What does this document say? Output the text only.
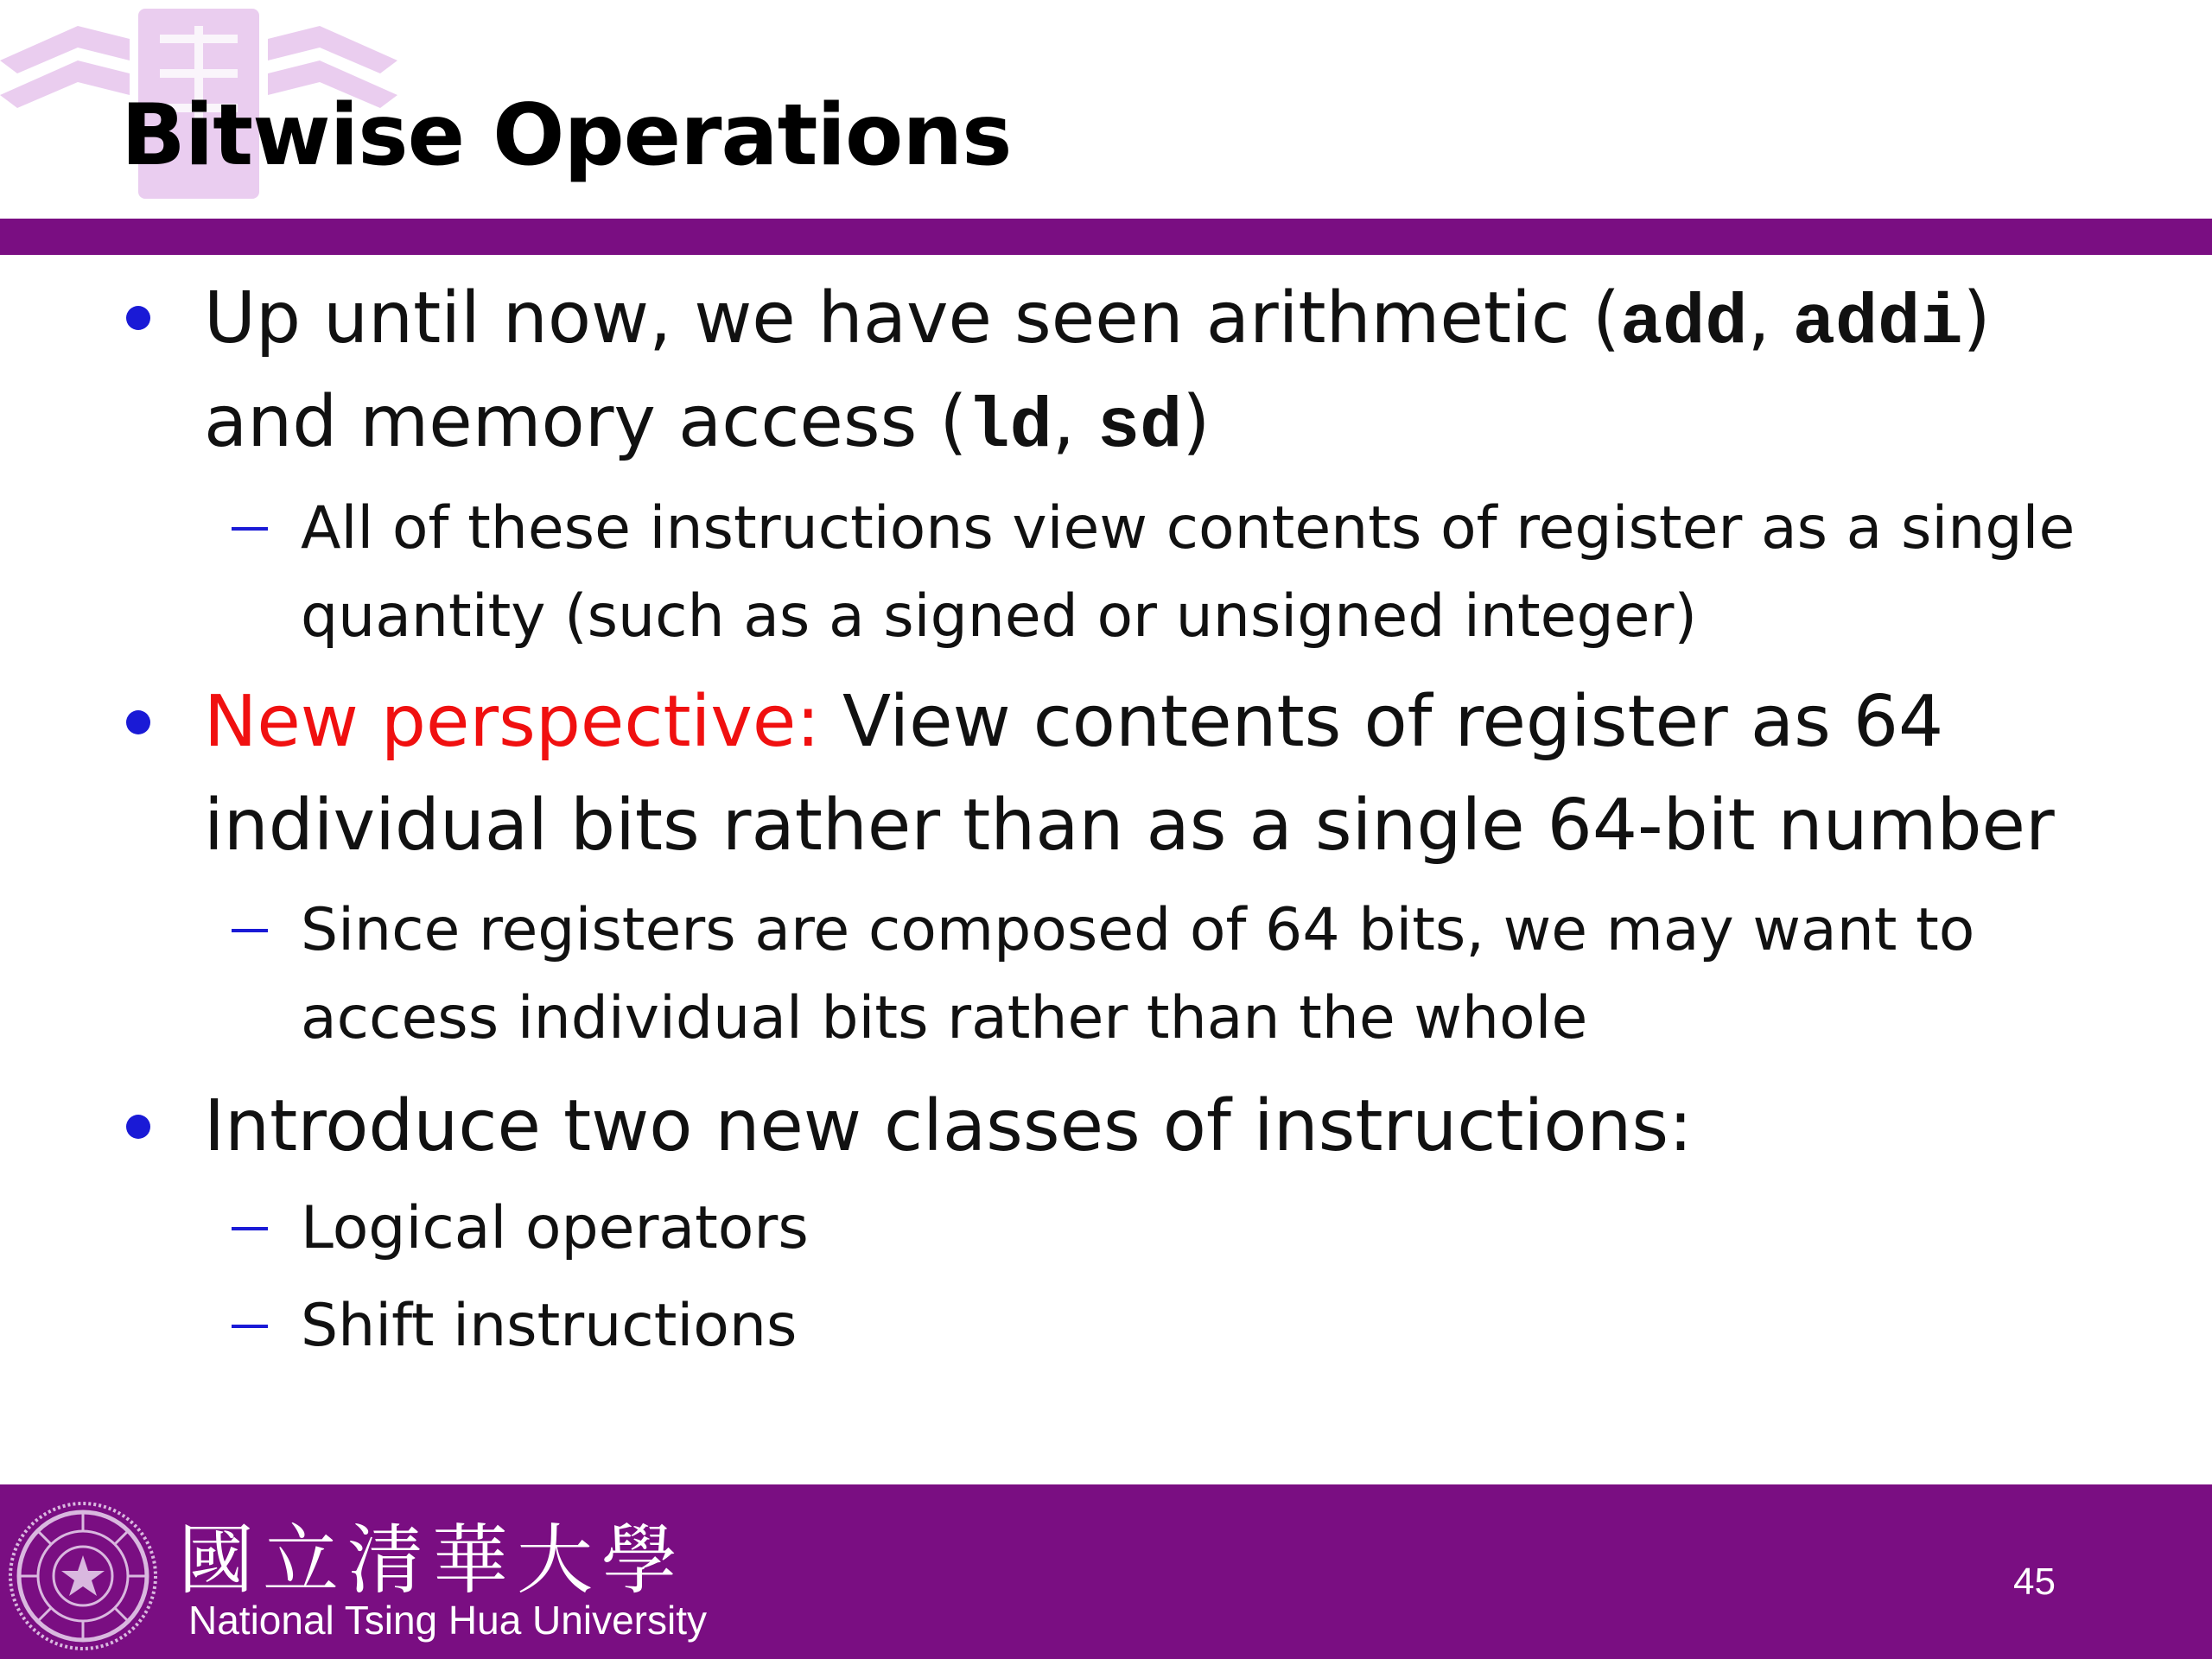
Bitwise Operations
Up until now, we have seen arithmetic (add, addi)
and memory access (ld, sd)
All of these instructions view contents of register as a single
quantity (such as a signed or unsigned integer)
New perspective: View contents of register as 64
individual bits rather than as a single 64-bit number
Since registers are composed of 64 bits, we may want to
access individual bits rather than the whole
Introduce two new classes of instructions:
Logical operators
Shift instructions
國立清華大學
National Tsing Hua University
45
